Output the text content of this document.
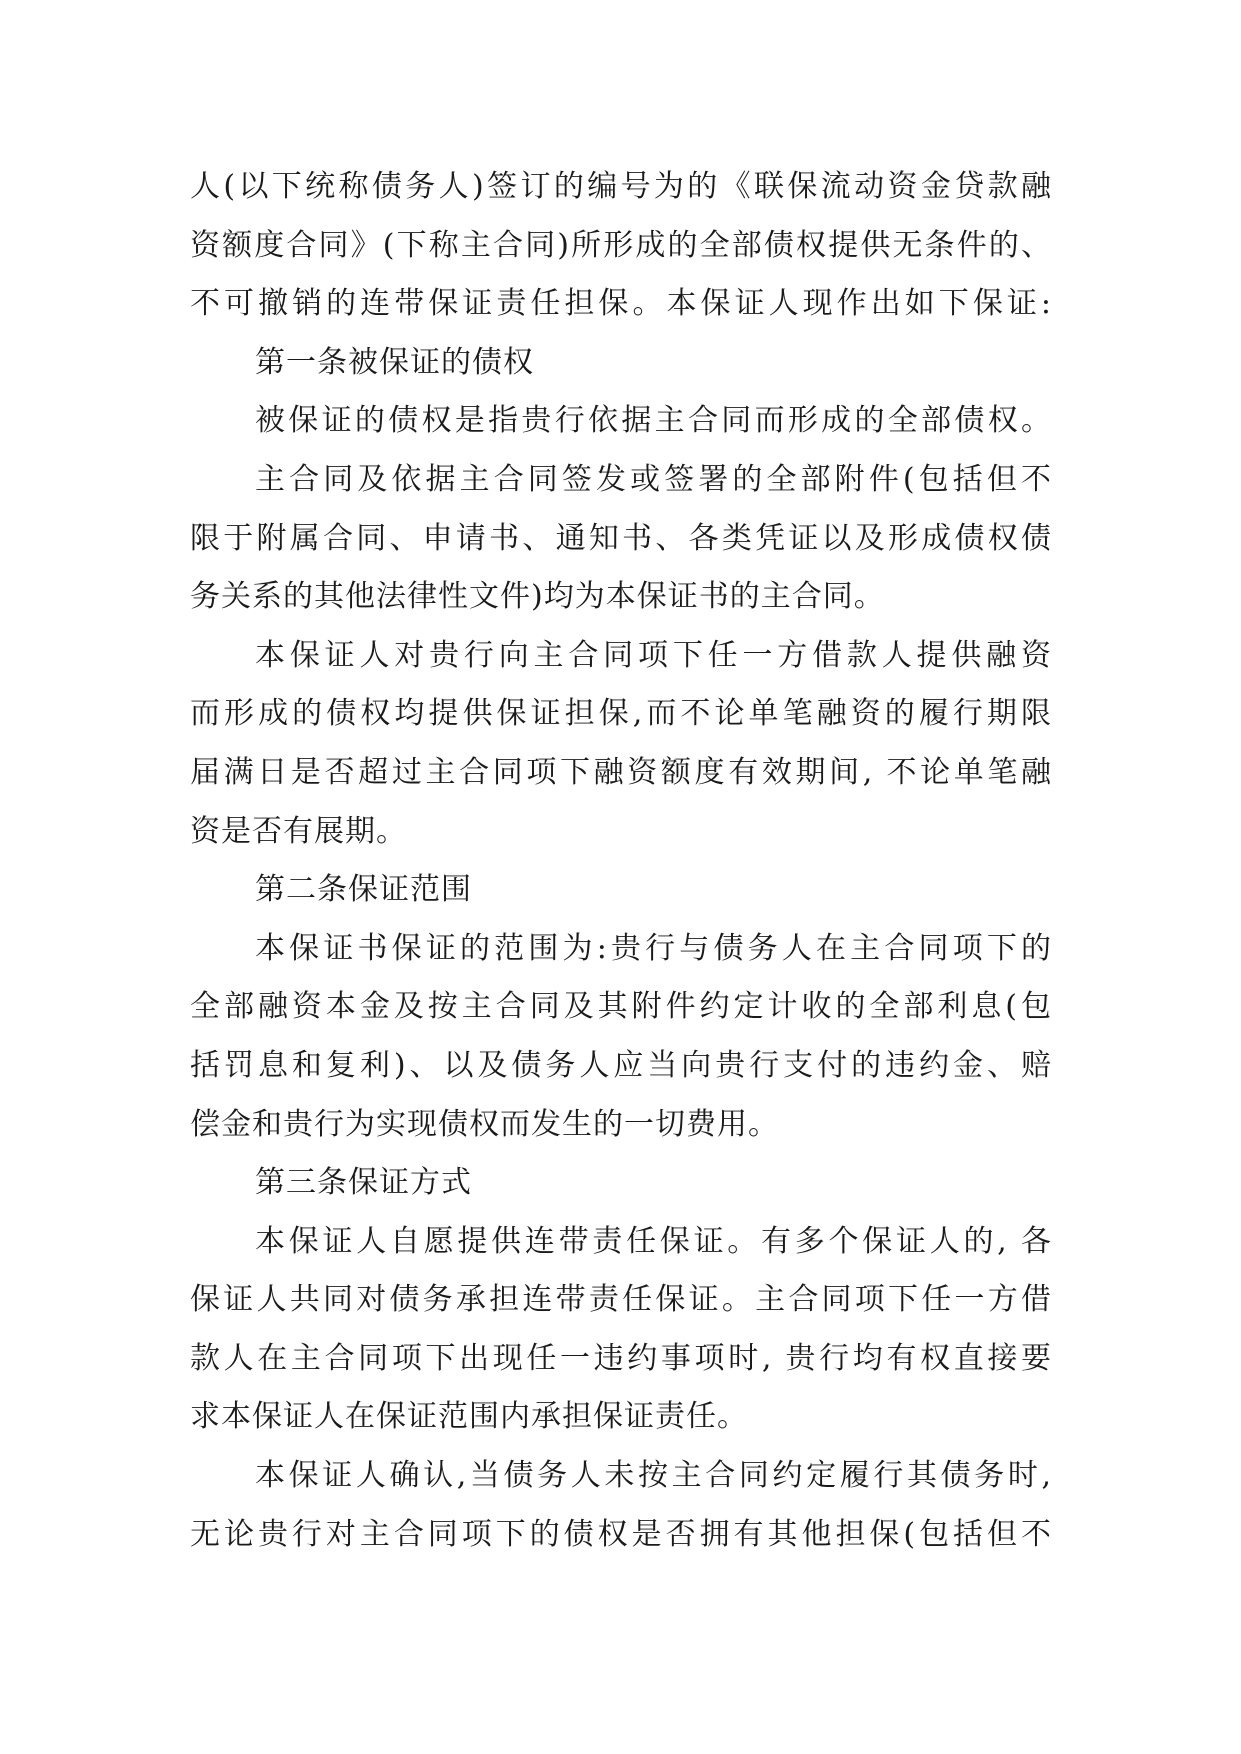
人(以下统称债务人)签订的编号为的《联保流动资金贷款融
资额度合同》(下称主合同)所形成的全部债权提供无条件的、
不可撤销的连带保证责任担保。本保证人现作出如下保证:
第一条被保证的债权
被保证的债权是指贵行依据主合同而形成的全部债权。
主合同及依据主合同签发或签署的全部附件(包括但不
限于附属合同、申请书、通知书、各类凭证以及形成债权债
务关系的其他法律性文件)均为本保证书的主合同。
本保证人对贵行向主合同项下任一方借款人提供融资
而形成的债权均提供保证担保,而不论单笔融资的履行期限
届满日是否超过主合同项下融资额度有效期间, 不论单笔融
资是否有展期。
第二条保证范围
本保证书保证的范围为:贵行与债务人在主合同项下的
全部融资本金及按主合同及其附件约定计收的全部利息(包
括罚息和复利)、以及债务人应当向贵行支付的违约金、赔
偿金和贵行为实现债权而发生的一切费用。
第三条保证方式
本保证人自愿提供连带责任保证。有多个保证人的, 各
保证人共同对债务承担连带责任保证。主合同项下任一方借
款人在主合同项下出现任一违约事项时, 贵行均有权直接要
求本保证人在保证范围内承担保证责任。
本保证人确认,当债务人未按主合同约定履行其债务时,
无论贵行对主合同项下的债权是否拥有其他担保(包括但不
